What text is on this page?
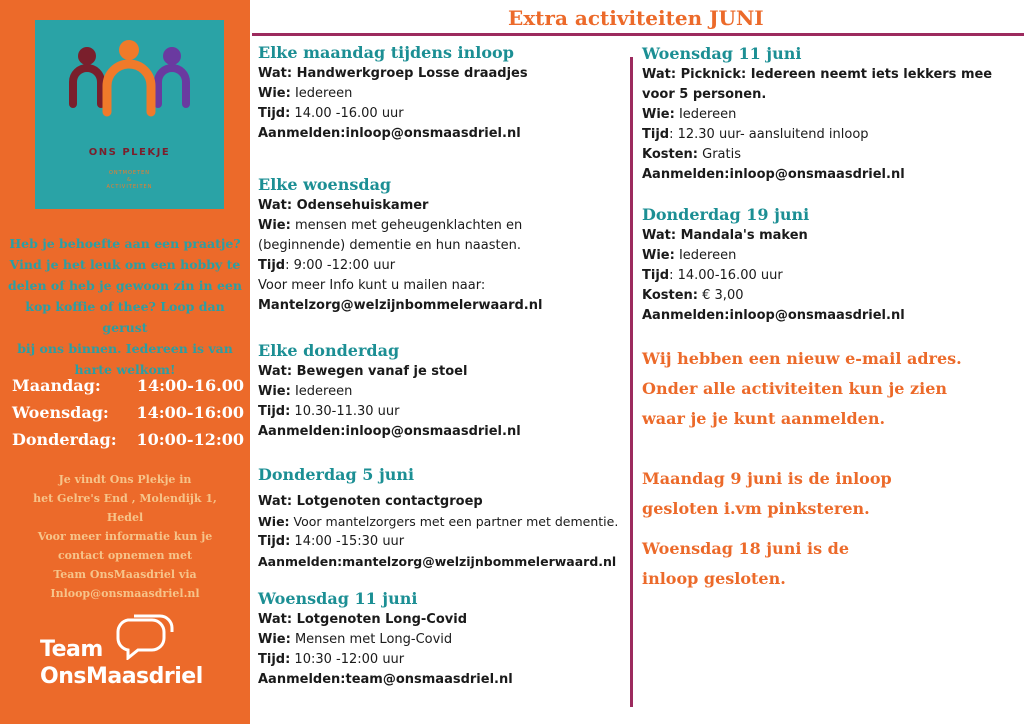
ONS PLEKJE
ONTMOETEN
&
ACTIVITEITEN
Heb je behoefte aan een praatje?
Vind je het leuk om een hobby te
delen of heb je gewoon zin in een
kop koffie of thee? Loop dan gerust
bij ons binnen. Iedereen is van
harte welkom!
Maandag: 14:00-16.00
Woensdag: 14:00-16:00
Donderdag: 10:00-12:00
Je vindt Ons Plekje in
het Gelre's End , Molendijk 1,
Hedel
Voor meer informatie kun je
contact opnemen met
Team OnsMaasdriel via
Inloop@onsmaasdriel.nl
Team
OnsMaasdriel
Extra activiteiten JUNI
Elke maandag tijdens inloop
Wat: Handwerkgroep Losse draadjes
Wie: Iedereen
Tijd: 14.00 -16.00 uur
Aanmelden:inloop@onsmaasdriel.nl
Elke woensdag
Wat: Odensehuiskamer
Wie: mensen met geheugenklachten en
(beginnende) dementie en hun naasten.
Tijd: 9:00 -12:00 uur
Voor meer Info kunt u mailen naar:
Mantelzorg@welzijnbommelerwaard.nl
Elke donderdag
Wat: Bewegen vanaf je stoel
Wie: Iedereen
Tijd: 10.30-11.30 uur
Aanmelden:inloop@onsmaasdriel.nl
Donderdag 5 juni
Wat: Lotgenoten contactgroep
Wie: Voor mantelzorgers met een partner met dementie.
Tijd: 14:00 -15:30 uur
Aanmelden:mantelzorg@welzijnbommelerwaard.nl
Woensdag 11 juni
Wat: Lotgenoten Long-Covid
Wie: Mensen met Long-Covid
Tijd: 10:30 -12:00 uur
Aanmelden:team@onsmaasdriel.nl
Woensdag 11 juni
Wat: Picknick: Iedereen neemt iets lekkers mee
voor 5 personen.
Wie: Iedereen
Tijd: 12.30 uur- aansluitend inloop
Kosten: Gratis
Aanmelden:inloop@onsmaasdriel.nl
Donderdag 19 juni
Wat: Mandala's maken
Wie: Iedereen
Tijd: 14.00-16.00 uur
Kosten: € 3,00
Aanmelden:inloop@onsmaasdriel.nl
Wij hebben een nieuw e-mail adres.
Onder alle activiteiten kun je zien
waar je je kunt aanmelden.
Maandag 9 juni is de inloop
gesloten i.vm pinksteren.
Woensdag 18 juni is de
inloop gesloten.
